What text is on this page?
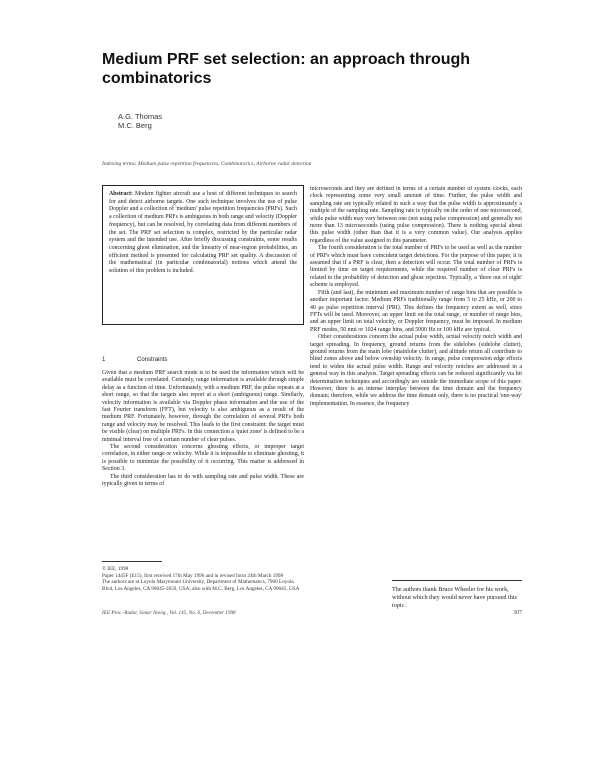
Medium PRF set selection: an approach through combinatorics
A.G. Thomas
M.C. Berg
Indexing terms: Medium pulse repetition frequencies, Combinatorics, Airborne radar detection
Abstract: Modern fighter aircraft use a host of different techniques to search for and detect airborne targets. One such technique involves the use of pulse Doppler and a collection of 'medium' pulse repetition frequencies (PRFs). Such a collection of medium PRFs is ambiguous in both range and velocity (Doppler frequency), but can be resolved, by correlating data from different members of the set. The PRF set selection is complex, restricted by the particular radar system and the intended use. After briefly discussing constraints, some results concerning ghost elimination, and the linearity of near-region probabilities, an efficient method is presented for calculating PRF set quality. A discussion of the mathematical (in particular combinatorial) notions which attend the solution of this problem is included.
1	Constraints

Given that a medium PRF search mode is to be used the information which will be available must be correlated. Certainly, range information is available through simple delay as a function of time. Unfortunately, with a medium PRF, the pulse repeats at a short range, so that the targets also report at a short (ambiguous) range. Similarly, velocity information is available via Doppler phase information and the use of the fast Fourier transform (FFT), but velocity is also ambiguous as a result of the medium PRF. Fortunately, however, through the correlation of several PRFs both range and velocity may be resolved. This leads to the first constraint: the target must be visible (clear) on multiple PRFs. In this connection a 'quiet zone' is defined to be a minimal interval free of a certain number of clear pulses.

The second consideration concerns ghosting effects, or improper target correlation, in either range or velocity. While it is impossible to eliminate ghosting, it is possible to minimize the possibility of it occurring. This matter is addressed in Section 3.

The third consideration has to do with sampling rate and pulse width. These are typically given in terms of

microseconds and they are defined in terms of a certain number of system clocks, each clock representing some very small amount of time. Further, the pulse width and sampling rate are typically related in such a way that the pulse width is approximately a multiple of the sampling rate. Sampling rate is typically on the order of one microsecond, while pulse width may vary between one (not using pulse compression) and generally not more than 13 microseconds (using pulse compression). There is nothing special about this pulse width (other than that it is a very common value). Our analysis applies regardless of the value assigned to this parameter.

The fourth consideration is the total number of PRFs to be used as well as the number of PRFs which must have coincident target detections. For the purpose of this paper, it is assumed that if a PRF is clear, then a detection will occur. The total number of PRFs is limited by time on target requirements, while the required number of clear PRFs is related to the probability of detection and ghost rejection. Typically, a 'three out of eight' scheme is employed.

Fifth (and last), the minimum and maximum number of range bins that are possible is another important factor. Medium PRFs traditionally range from 5 to 25 kHz, or 200 to 40 μs pulse repetition interval (PRI). This defines the frequency extent as well, since FFTs will be used. Moreover, an upper limit on the total range, or number of range bins, and an upper limit on total velocity, or Doppler frequency, must be imposed. In medium PRF modes, 50 nmi or 1024 range bins, and 5000 Hz or 100 kHz are typical.

Other considerations concern the actual pulse width, actual velocity notch width and target spreading. In frequency, ground returns from the sidelobes (sidelobe clutter), ground returns from the main lobe (mainlobe clutter), and altitude return all contribute to blind zones above and below ownship velocity. In range, pulse compression edge effects tend to widen the actual pulse width. Range and velocity notches are addressed in a general way in this analysis. Target spreading effects can be reduced significantly via hit determination techniques and accordingly are outside the immediate scope of this paper. However, there is an intense interplay between the time domain and the frequency domain; therefore, while we address the time domain only, there is no practical 'one-way' implementation. In essence, the frequency

© IEE, 1998
Paper 1445F (E15), first received 17th May 1996 and in revised form 24th March 1998
The authors are at Loyola Marymount University, Department of Mathematics, 7900 Loyola Blvd, Los Angeles, CA 90045-2659, USA; also with M.C. Berg, Los Angeles, CA 90045, USA	The authors thank Bruce Wheeler for his work, without which they would never have pursued this topic.
IEE Proc.-Radar, Sonar Navig., Vol. 145, No. 6, December 1998	307
